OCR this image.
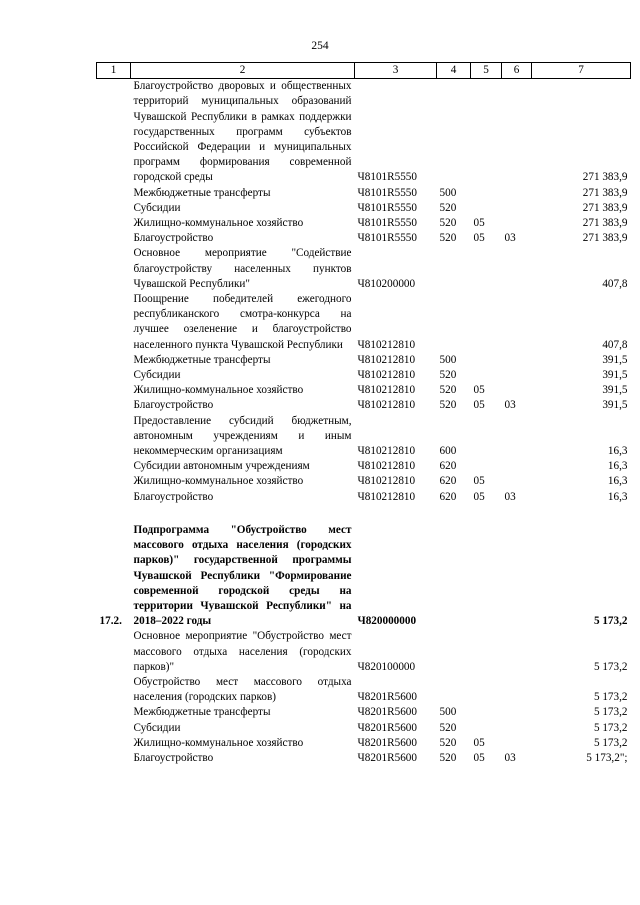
254
1	2	3	4	5	6	7
	Благоустройство дворовых и общественных территорий муниципальных образований Чувашской Республики в рамках поддержки государственных программ субъектов Российской Федерации и муниципальных программ формирования современной городской среды	Ч8101R5550				271 383,9
	Межбюджетные трансферты	Ч8101R5550	500			271 383,9
	Субсидии	Ч8101R5550	520			271 383,9
	Жилищно-коммунальное хозяйство	Ч8101R5550	520	05		271 383,9
	Благоустройство	Ч8101R5550	520	05	03	271 383,9
	Основное мероприятие "Содействие благоустройству населенных пунктов Чувашской Республики"	Ч810200000				407,8
	Поощрение победителей ежегодного республиканского смотра-конкурса на лучшее озеленение и благоустройство населенного пункта Чувашской Республики	Ч810212810				407,8
	Межбюджетные трансферты	Ч810212810	500			391,5
	Субсидии	Ч810212810	520			391,5
	Жилищно-коммунальное хозяйство	Ч810212810	520	05		391,5
	Благоустройство	Ч810212810	520	05	03	391,5
	Предоставление субсидий бюджетным, автономным учреждениям и иным некоммерческим организациям	Ч810212810	600			16,3
	Субсидии автономным учреждениям	Ч810212810	620			16,3
	Жилищно-коммунальное хозяйство	Ч810212810	620	05		16,3
	Благоустройство	Ч810212810	620	05	03	16,3

17.2.	Подпрограмма "Обустройство мест массового отдыха населения (городских парков)" государственной программы Чувашской Республики "Формирование современной городской среды на территории Чувашской Республики" на 2018–2022 годы	Ч820000000				5 173,2
	Основное мероприятие "Обустройство мест массового отдыха населения (городских парков)"	Ч820100000				5 173,2
	Обустройство мест массового отдыха населения (городских парков)	Ч8201R5600				5 173,2
	Межбюджетные трансферты	Ч8201R5600	500			5 173,2
	Субсидии	Ч8201R5600	520			5 173,2
	Жилищно-коммунальное хозяйство	Ч8201R5600	520	05		5 173,2
	Благоустройство	Ч8201R5600	520	05	03	5 173,2";
